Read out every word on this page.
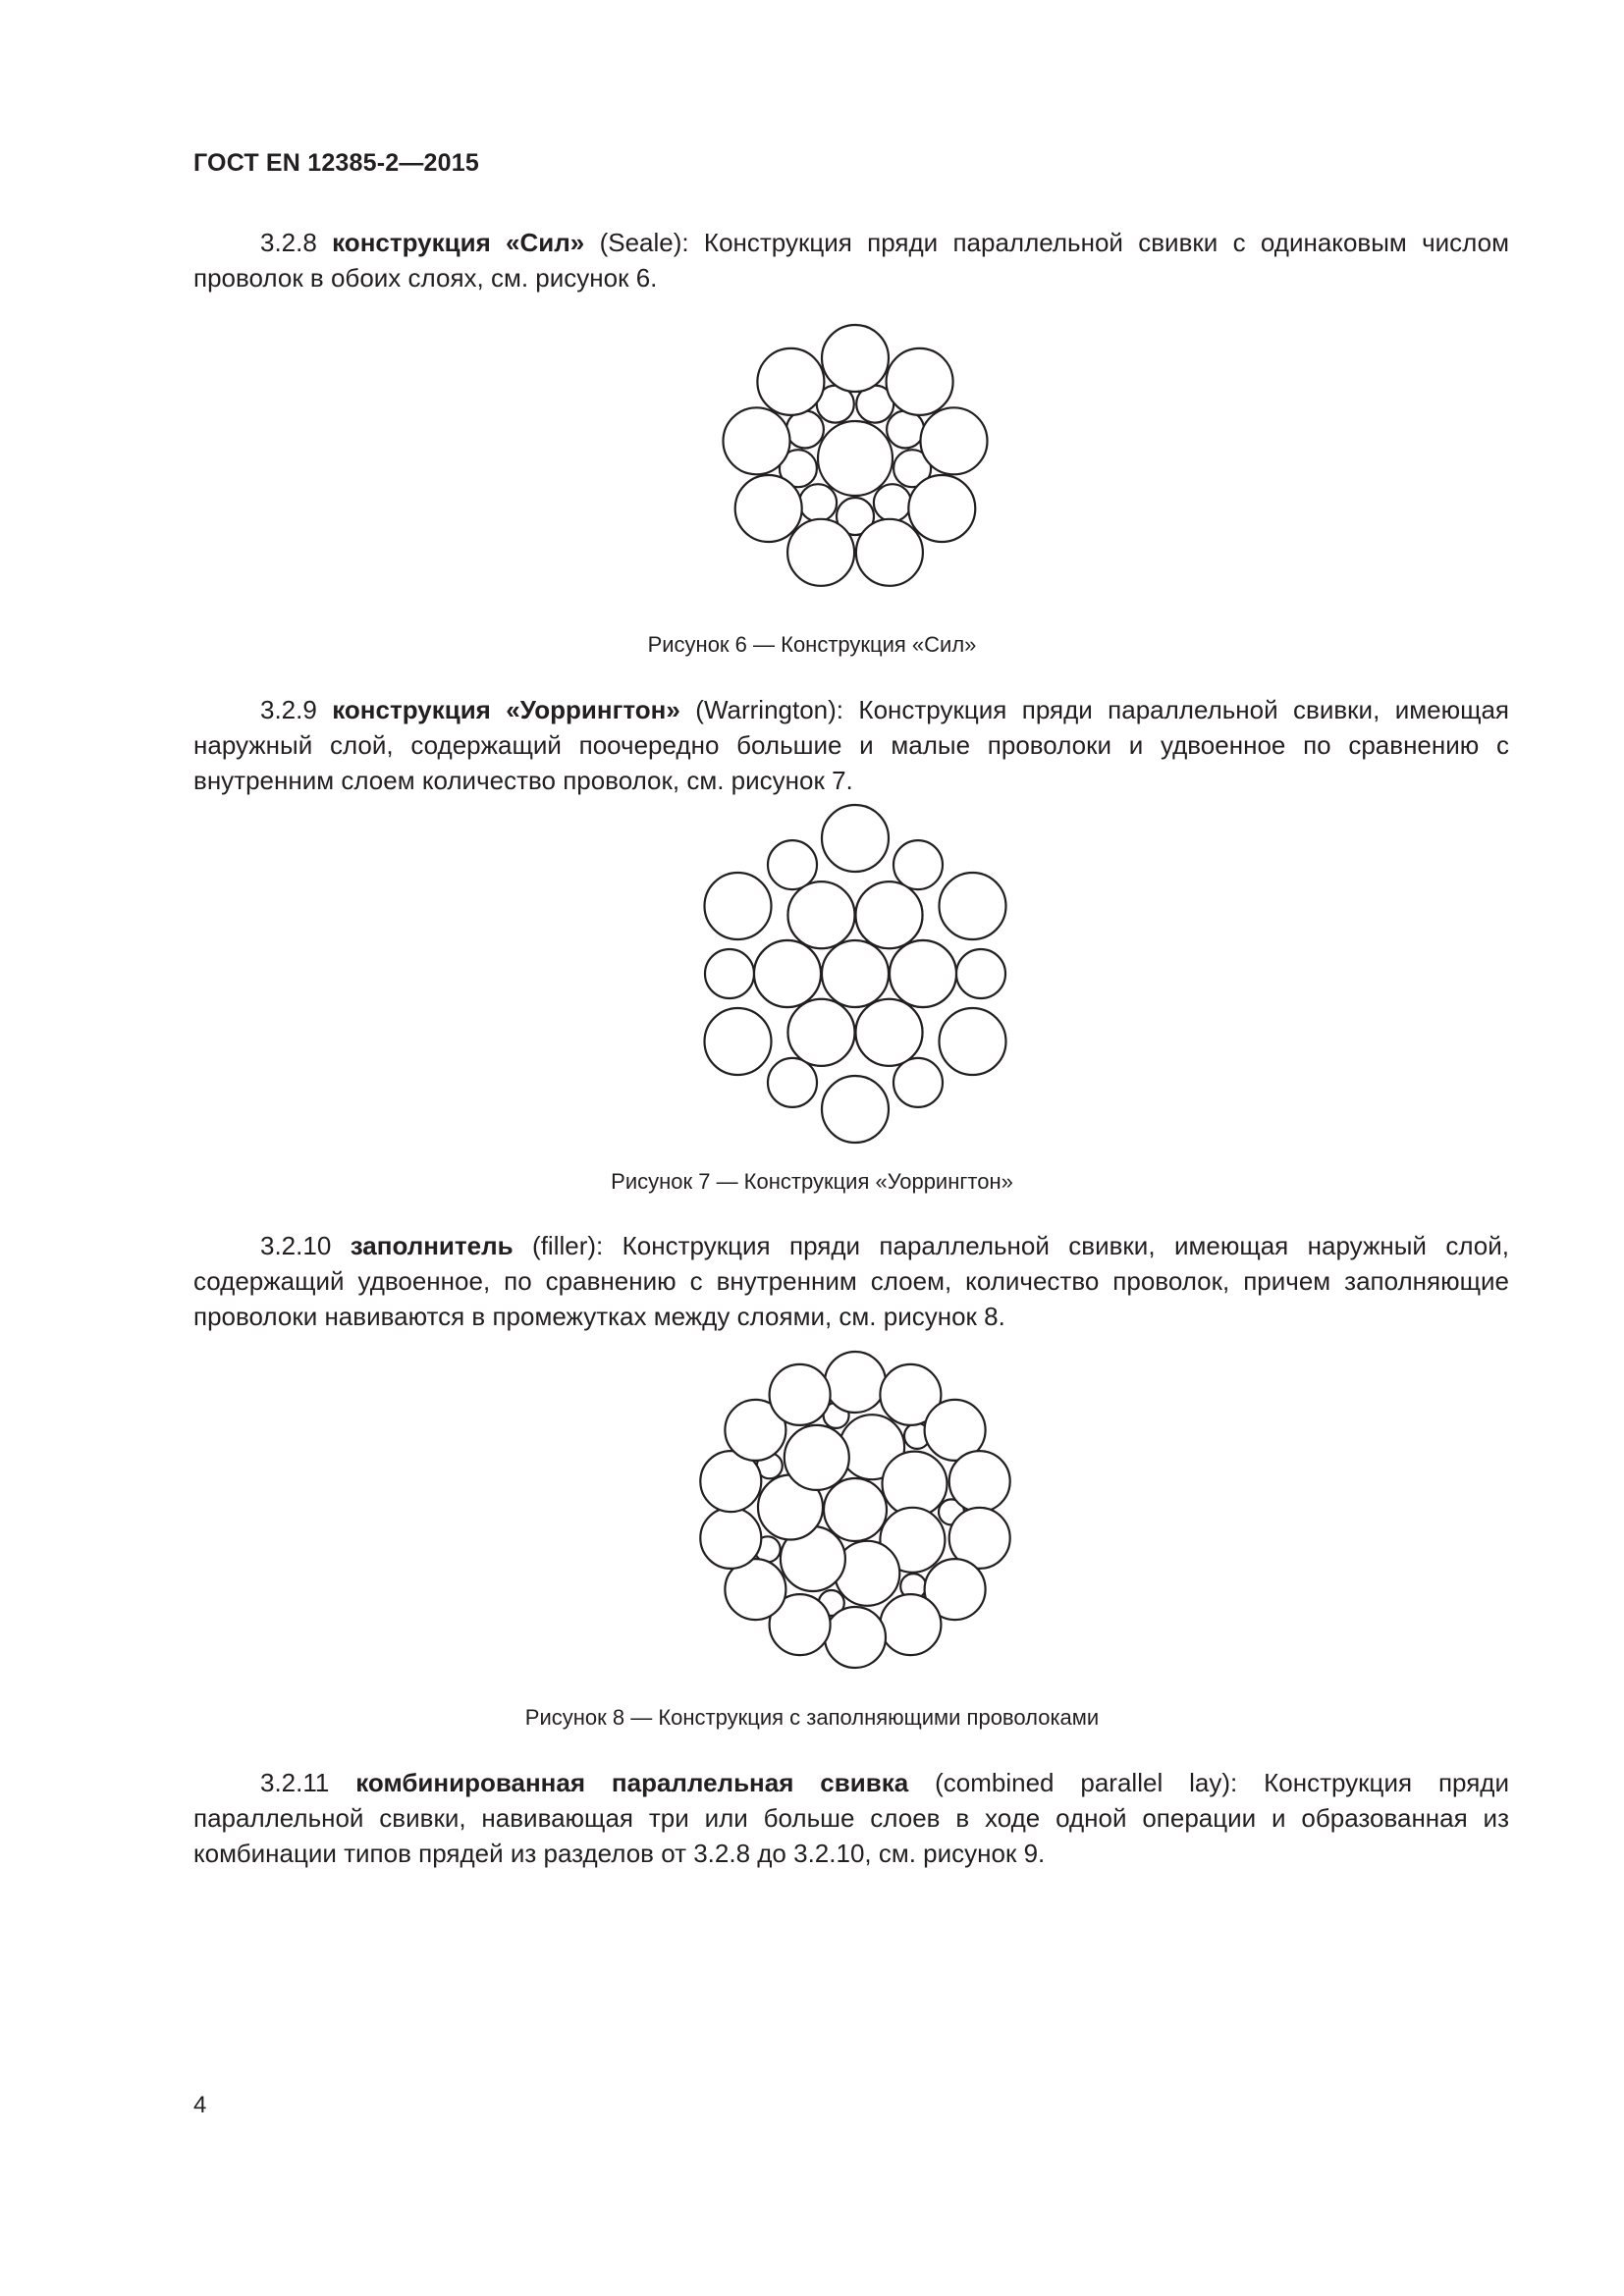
ГОСТ EN 12385-2—2015

3.2.8 конструкция «Сил» (Seale): Конструкция пряди параллельной свивки с одинаковым числом проволок в обоих слоях, см. рисунок 6.

Рисунок 6 — Конструкция «Сил»

3.2.9 конструкция «Уоррингтон» (Warrington): Конструкция пряди параллельной свивки, имеющая наружный слой, содержащий поочередно большие и малые проволоки и удвоенное по сравнению с внутренним слоем количество проволок, см. рисунок 7.

Рисунок 7 — Конструкция «Уоррингтон»

3.2.10 заполнитель (filler): Конструкция пряди параллельной свивки, имеющая наружный слой, содержащий удвоенное, по сравнению с внутренним слоем, количество проволок, причем заполняющие проволоки навиваются в промежутках между слоями, см. рисунок 8.

Рисунок 8 — Конструкция с заполняющими проволоками

3.2.11 комбинированная параллельная свивка (combined parallel lay): Конструкция пряди параллельной свивки, навивающая три или больше слоев в ходе одной операции и образованная из комбинации типов прядей из разделов от 3.2.8 до 3.2.10, см. рисунок 9.

4
